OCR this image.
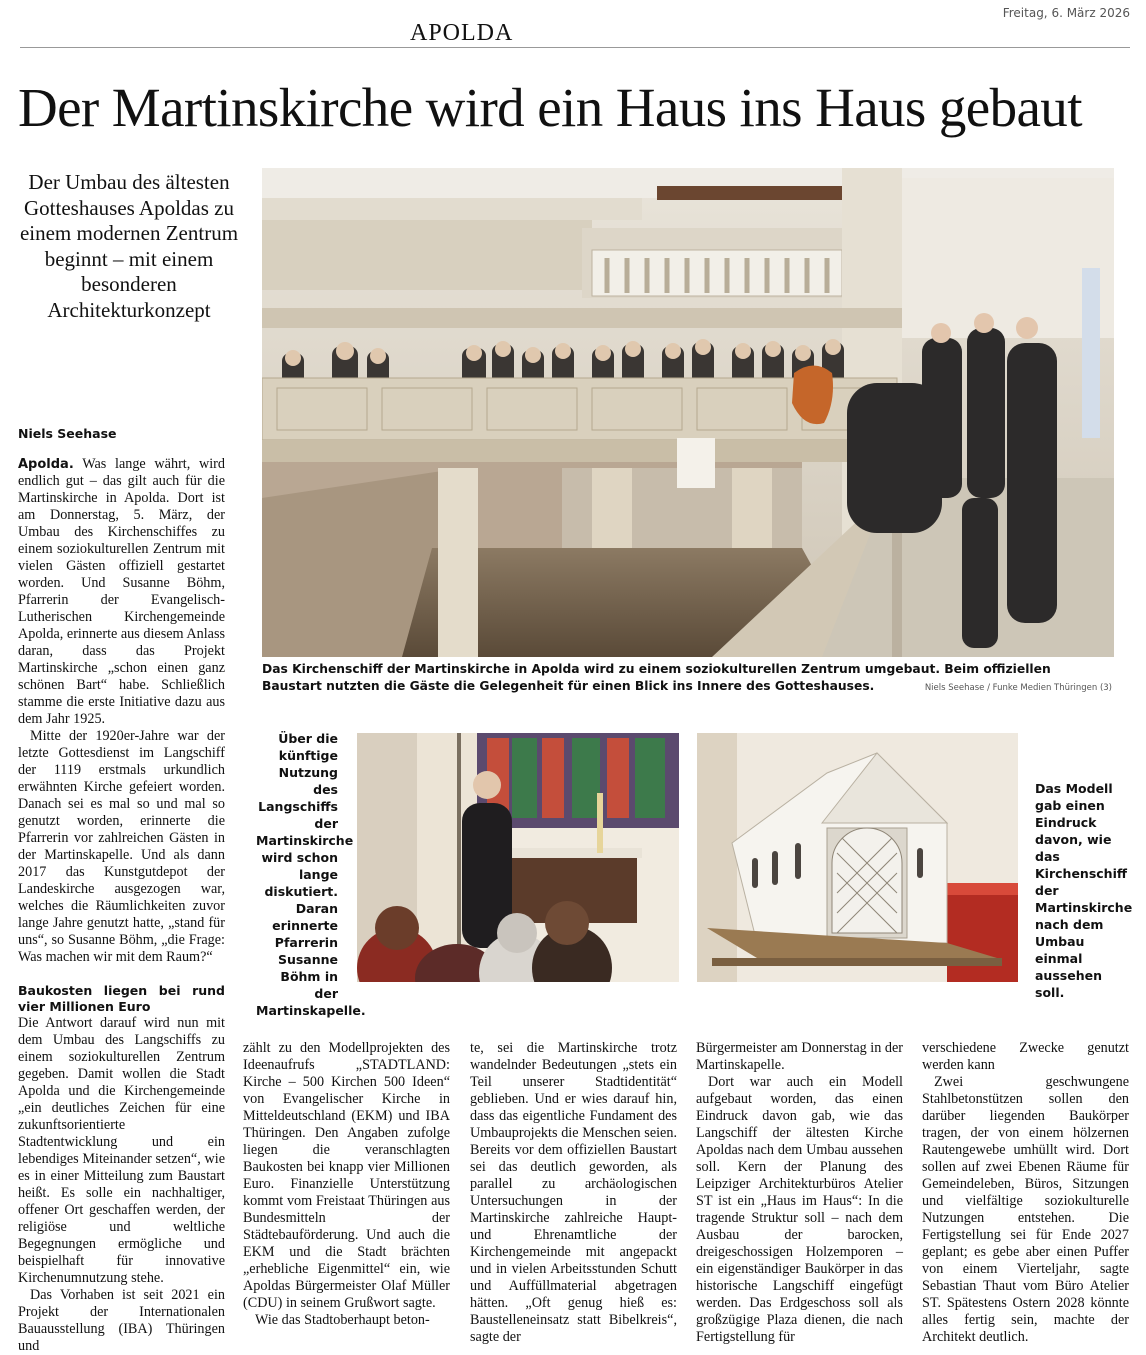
APOLDA
Freitag, 6. März 2026
Der Martinskirche wird ein Haus ins Haus gebaut
Der Umbau des ältesten Gotteshauses Apoldas zu einem modernen Zentrum beginnt – mit einem besonderen Architekturkonzept
Das Kirchenschiff der Martinskirche in Apolda wird zu einem soziokulturellen Zentrum umgebaut. Beim offiziellen Baustart nutzten die Gäste die Gelegenheit für einen Blick ins Innere des Gotteshauses.	Niels Seehase / Funke Medien Thüringen (3)
Über die künftige Nutzung des Langschiffs der Martinskirche wird schon lange diskutiert. Daran erinnerte Pfarrerin Susanne Böhm in der Martinskapelle.
Das Modell gab einen Eindruck davon, wie das Kirchenschiff der Martinskirche nach dem Umbau einmal aussehen soll.
Niels Seehase

Apolda. Was lange währt, wird endlich gut – das gilt auch für die Martinskirche in Apolda. Dort ist am Donnerstag, 5. März, der Umbau des Kirchenschiffes zu einem soziokulturellen Zentrum mit vielen Gästen offiziell gestartet worden. Und Susanne Böhm, Pfarrerin der Evangelisch-Lutherischen Kirchengemeinde Apolda, erinnerte aus diesem Anlass daran, dass das Projekt Martinskirche „schon einen ganz schönen Bart“ habe. Schließlich stamme die erste Initiative dazu aus dem Jahr 1925.

Mitte der 1920er-Jahre war der letzte Gottesdienst im Langschiff der 1119 erstmals urkundlich erwähnten Kirche gefeiert worden. Danach sei es mal so und mal so genutzt worden, erinnerte die Pfarrerin vor zahlreichen Gästen in der Martinskapelle. Und als dann 2017 das Kunstgutdepot der Landeskirche ausgezogen war, welches die Räumlichkeiten zuvor lange Jahre genutzt hatte, „stand für uns“, so Susanne Böhm, „die Frage: Was machen wir mit dem Raum?“

Baukosten liegen bei rund vier Millionen Euro

Die Antwort darauf wird nun mit dem Umbau des Langschiffs zu einem soziokulturellen Zentrum gegeben. Damit wollen die Stadt Apolda und die Kirchengemeinde „ein deutliches Zeichen für eine zukunftsorientierte Stadtentwicklung und ein lebendiges Miteinander setzen“, wie es in einer Mitteilung zum Baustart heißt. Es solle ein nachhaltiger, offener Ort geschaffen werden, der religiöse und weltliche Begegnungen ermögliche und beispielhaft für innovative Kirchenumnutzung stehe.

Das Vorhaben ist seit 2021 ein Projekt der Internationalen Bauausstellung (IBA) Thüringen und

zählt zu den Modellprojekten des Ideenaufrufs „STADTLAND: Kirche – 500 Kirchen 500 Ideen“ von Evangelischer Kirche in Mitteldeutschland (EKM) und IBA Thüringen. Den Angaben zufolge liegen die veranschlagten Baukosten bei knapp vier Millionen Euro. Finanzielle Unterstützung kommt vom Freistaat Thüringen aus Bundesmitteln der Städtebauförderung. Und auch die EKM und die Stadt brächten „erhebliche Eigenmittel“ ein, wie Apoldas Bürgermeister Olaf Müller (CDU) in seinem Grußwort sagte.

Wie das Stadtoberhaupt beton-

te, sei die Martinskirche trotz wandelnder Bedeutungen „stets ein Teil unserer Stadtidentität“ geblieben. Und er wies darauf hin, dass das eigentliche Fundament des Umbauprojekts die Menschen seien. Bereits vor dem offiziellen Baustart sei das deutlich geworden, als parallel zu archäologischen Untersuchungen in der Martinskirche zahlreiche Haupt- und Ehrenamtliche der Kirchengemeinde mit angepackt und in vielen Arbeitsstunden Schutt und Auffüllmaterial abgetragen hätten. „Oft genug hieß es: Baustelleneinsatz statt Bibelkreis“, sagte der

Bürgermeister am Donnerstag in der Martinskapelle.

Dort war auch ein Modell aufgebaut worden, das einen Eindruck davon gab, wie das Langschiff der ältesten Kirche Apoldas nach dem Umbau aussehen soll. Kern der Planung des Leipziger Architekturbüros Atelier ST ist ein „Haus im Haus“: In die tragende Struktur soll – nach dem Ausbau der barocken, dreigeschossigen Holzemporen – ein eigenständiger Baukörper in das historische Langschiff eingefügt werden. Das Erdgeschoss soll als großzügige Plaza dienen, die nach Fertigstellung für

verschiedene Zwecke genutzt werden kann

Zwei geschwungene Stahlbetonstützen sollen den darüber liegenden Baukörper tragen, der von einem hölzernen Rautengewebe umhüllt wird. Dort sollen auf zwei Ebenen Räume für Gemeindeleben, Büros, Sitzungen und vielfältige soziokulturelle Nutzungen entstehen. Die Fertigstellung sei für Ende 2027 geplant; es gebe aber einen Puffer von einem Vierteljahr, sagte Sebastian Thaut vom Büro Atelier ST. Spätestens Ostern 2028 könnte alles fertig sein, machte der Architekt deutlich.
